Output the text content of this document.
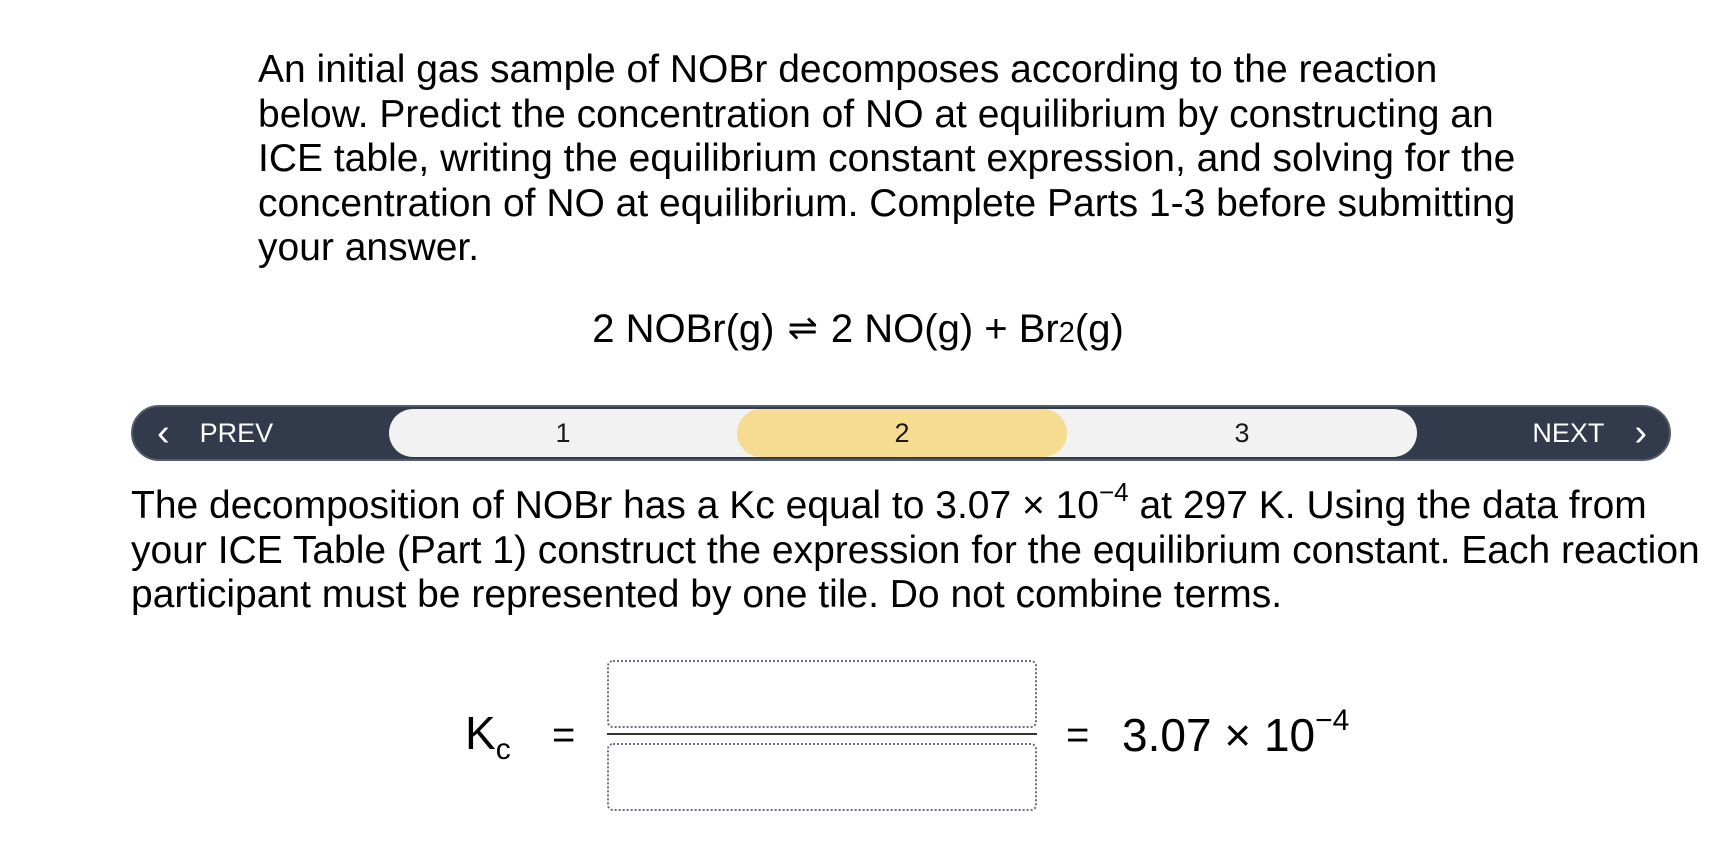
An initial gas sample of NOBr decomposes according to the reaction below. Predict the concentration of NO at equilibrium by constructing an ICE table, writing the equilibrium constant expression, and solving for the concentration of NO at equilibrium. Complete Parts 1-3 before submitting your answer.
2 NOBr(g) ⇌ 2 NO(g) + Br2(g)
‹ PREV	1	2	3	NEXT ›
The decomposition of NOBr has a Kc equal to $3.07 \times 10^{-4}$ at 297 K. Using the data from your ICE Table (Part 1) construct the expression for the equilibrium constant. Each reaction participant must be represented by one tile. Do not combine terms.
$K_c$ =	= $3.07 \times 10^{-4}$
